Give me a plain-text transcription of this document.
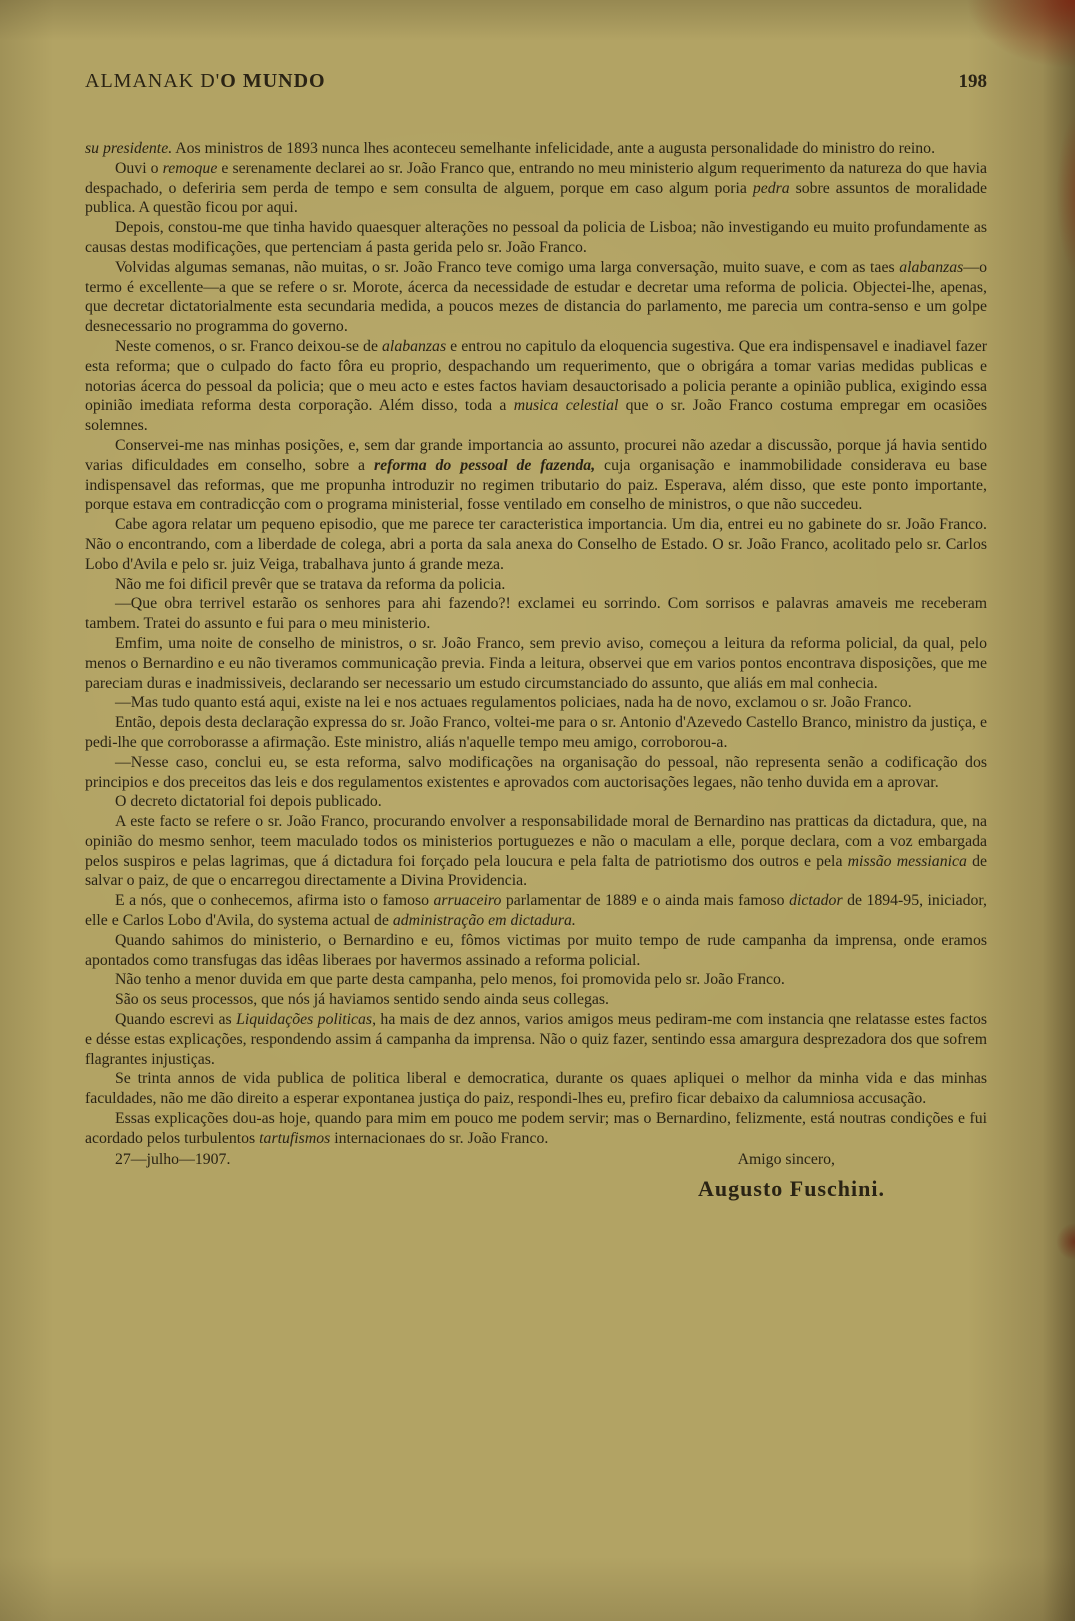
ALMANAK D'O MUNDO	198

su presidente. Aos ministros de 1893 nunca lhes aconteceu semelhante infelicidade, ante a augusta personalidade do ministro do reino.

Ouvi o remoque e serenamente declarei ao sr. João Franco que, entrando no meu ministerio algum requerimento da natureza do que havia despachado, o deferiria sem perda de tempo e sem consulta de alguem, porque em caso algum poria pedra sobre assuntos de moralidade publica. A questão ficou por aqui.

Depois, constou-me que tinha havido quaesquer alterações no pessoal da policia de Lisboa; não investigando eu muito profundamente as causas destas modificações, que pertenciam á pasta gerida pelo sr. João Franco.

Volvidas algumas semanas, não muitas, o sr. João Franco teve comigo uma larga conversação, muito suave, e com as taes alabanzas—o termo é excellente—a que se refere o sr. Morote, ácerca da necessidade de estudar e decretar uma reforma de policia. Objectei-lhe, apenas, que decretar dictatorialmente esta secundaria medida, a poucos mezes de distancia do parlamento, me parecia um contra-senso e um golpe desnecessario no programma do governo.

Neste comenos, o sr. Franco deixou-se de alabanzas e entrou no capitulo da eloquencia sugestiva. Que era indispensavel e inadiavel fazer esta reforma; que o culpado do facto fôra eu proprio, despachando um requerimento, que o obrigára a tomar varias medidas publicas e notorias ácerca do pessoal da policia; que o meu acto e estes factos haviam desauctorisado a policia perante a opinião publica, exigindo essa opinião imediata reforma desta corporação. Além disso, toda a musica celestial que o sr. João Franco costuma empregar em ocasiões solemnes.

Conservei-me nas minhas posições, e, sem dar grande importancia ao assunto, procurei não azedar a discussão, porque já havia sentido varias dificuldades em conselho, sobre a reforma do pessoal de fazenda, cuja organisação e inammobilidade considerava eu base indispensavel das reformas, que me propunha introduzir no regimen tributario do paiz. Esperava, além disso, que este ponto importante, porque estava em contradicção com o programa ministerial, fosse ventilado em conselho de ministros, o que não succedeu.

Cabe agora relatar um pequeno episodio, que me parece ter caracteristica importancia. Um dia, entrei eu no gabinete do sr. João Franco. Não o encontrando, com a liberdade de colega, abri a porta da sala anexa do Conselho de Estado. O sr. João Franco, acolitado pelo sr. Carlos Lobo d'Avila e pelo sr. juiz Veiga, trabalhava junto á grande meza.

Não me foi dificil prevêr que se tratava da reforma da policia.

—Que obra terrivel estarão os senhores para ahi fazendo?! exclamei eu sorrindo. Com sorrisos e palavras amaveis me receberam tambem. Tratei do assunto e fui para o meu ministerio.

Emfim, uma noite de conselho de ministros, o sr. João Franco, sem previo aviso, começou a leitura da reforma policial, da qual, pelo menos o Bernardino e eu não tiveramos communicação previa. Finda a leitura, observei que em varios pontos encontrava disposições, que me pareciam duras e inadmissiveis, declarando ser necessario um estudo circumstanciado do assunto, que aliás em mal conhecia.

—Mas tudo quanto está aqui, existe na lei e nos actuaes regulamentos policiaes, nada ha de novo, exclamou o sr. João Franco.

Então, depois desta declaração expressa do sr. João Franco, voltei-me para o sr. Antonio d'Azevedo Castello Branco, ministro da justiça, e pedi-lhe que corroborasse a afirmação. Este ministro, aliás n'aquelle tempo meu amigo, corroborou-a.

—Nesse caso, conclui eu, se esta reforma, salvo modificações na organisação do pessoal, não representa senão a codificação dos principios e dos preceitos das leis e dos regulamentos existentes e aprovados com auctorisações legaes, não tenho duvida em a aprovar.

O decreto dictatorial foi depois publicado.

A este facto se refere o sr. João Franco, procurando envolver a responsabilidade moral de Bernardino nas pratticas da dictadura, que, na opinião do mesmo senhor, teem maculado todos os ministerios portuguezes e não o maculam a elle, porque declara, com a voz embargada pelos suspiros e pelas lagrimas, que á dictadura foi forçado pela loucura e pela falta de patriotismo dos outros e pela missão messianica de salvar o paiz, de que o encarregou directamente a Divina Providencia.

E a nós, que o conhecemos, afirma isto o famoso arruaceiro parlamentar de 1889 e o ainda mais famoso dictador de 1894-95, iniciador, elle e Carlos Lobo d'Avila, do systema actual de administração em dictadura.

Quando sahimos do ministerio, o Bernardino e eu, fômos victimas por muito tempo de rude campanha da imprensa, onde eramos apontados como transfugas das idêas liberaes por havermos assinado a reforma policial.

Não tenho a menor duvida em que parte desta campanha, pelo menos, foi promovida pelo sr. João Franco.

São os seus processos, que nós já haviamos sentido sendo ainda seus collegas.

Quando escrevi as Liquidações politicas, ha mais de dez annos, varios amigos meus pediram-me com instancia qne relatasse estes factos e désse estas explicações, respondendo assim á campanha da imprensa. Não o quiz fazer, sentindo essa amargura desprezadora dos que sofrem flagrantes injustiças.

Se trinta annos de vida publica de politica liberal e democratica, durante os quaes apliquei o melhor da minha vida e das minhas faculdades, não me dão direito a esperar expontanea justiça do paiz, respondi-lhes eu, prefiro ficar debaixo da calumniosa accusação.

Essas explicações dou-as hoje, quando para mim em pouco me podem servir; mas o Bernardino, felizmente, está noutras condições e fui acordado pelos turbulentos tartufismos internacionaes do sr. João Franco.

27—julho—1907.	Amigo sincero,
Augusto Fuschini.
